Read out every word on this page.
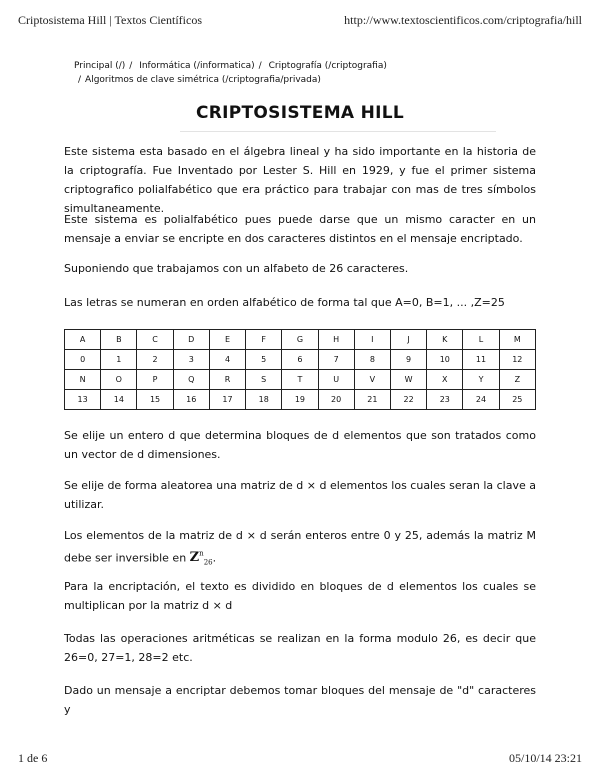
Criptosistema Hill | Textos Científicos	http://www.textoscientificos.com/criptografia/hill
Principal (/) / Informática (/informatica) / Criptografía (/criptografia)
/ Algoritmos de clave simétrica (/criptografia/privada)
CRIPTOSISTEMA HILL

Este sistema esta basado en el álgebra lineal y ha sido importante en la historia de la criptografía. Fue Inventado por Lester S. Hill en 1929, y fue el primer sistema criptografico polialfabético que era práctico para trabajar con mas de tres símbolos simultaneamente.

Este sistema es polialfabético pues puede darse que un mismo caracter en un mensaje a enviar se encripte en dos caracteres distintos en el mensaje encriptado.

Suponiendo que trabajamos con un alfabeto de 26 caracteres.

Las letras se numeran en orden alfabético de forma tal que A=0, B=1, ... ,Z=25

A	B	C	D	E	F	G	H	I	J	K	L	M
0	1	2	3	4	5	6	7	8	9	10	11	12
N	O	P	Q	R	S	T	U	V	W	X	Y	Z
13	14	15	16	17	18	19	20	21	22	23	24	25

Se elije un entero d que determina bloques de d elementos que son tratados como un vector de d dimensiones.

Se elije de forma aleatorea una matriz de d × d elementos los cuales seran la clave a utilizar.

Los elementos de la matriz de d × d serán enteros entre 0 y 25, además la matriz M debe ser inversible en $Z^n_{26}$.

Para la encriptación, el texto es dividido en bloques de d elementos los cuales se multiplican por la matriz d × d

Todas las operaciones aritméticas se realizan en la forma modulo 26, es decir que 26=0, 27=1, 28=2 etc.

Dado un mensaje a encriptar debemos tomar bloques del mensaje de "d" caracteres y

1 de 6	05/10/14 23:21
